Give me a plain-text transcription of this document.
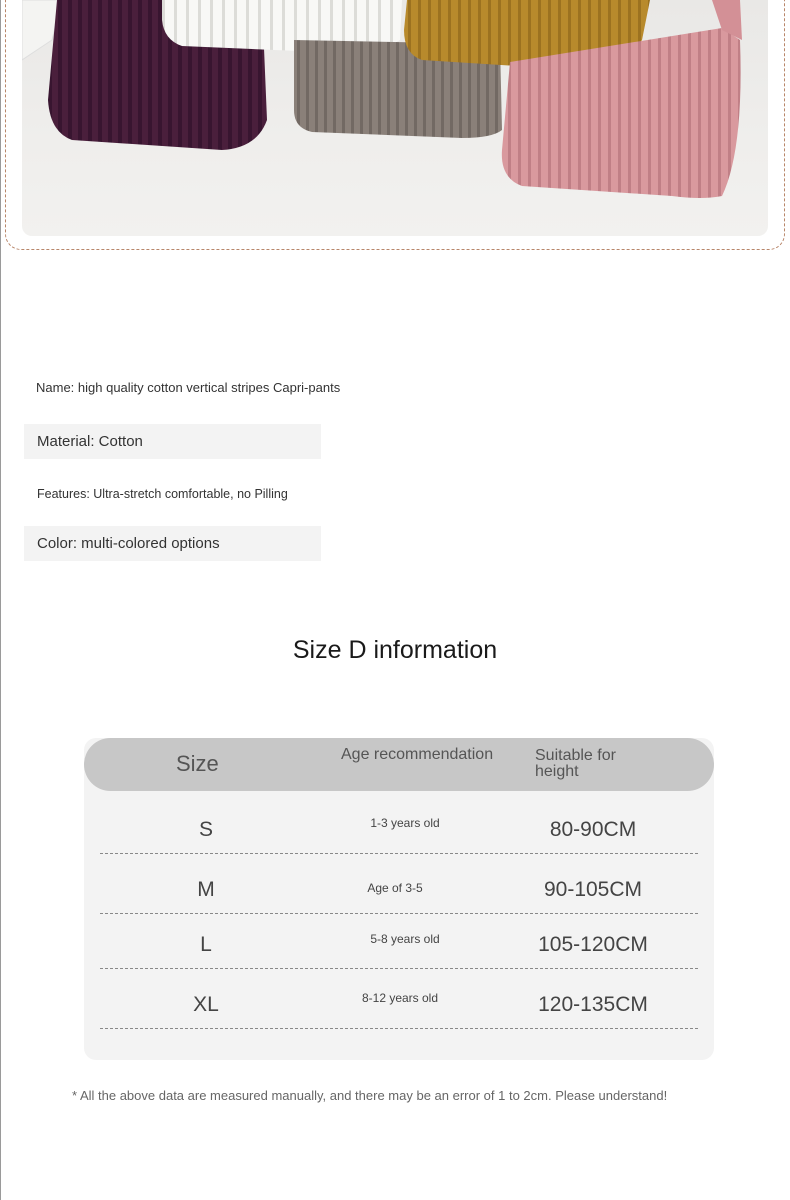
Name: high quality cotton vertical stripes Capri-pants
Material: Cotton
Features: Ultra-stretch comfortable, no Pilling
Color: multi-colored options
Size D information
Size	Age recommendation	Suitable for height
S	1-3 years old	80-90CM
M	Age of 3-5	90-105CM
L	5-8 years old	105-120CM
XL	8-12 years old	120-135CM
* All the above data are measured manually, and there may be an error of 1 to 2cm. Please understand!
